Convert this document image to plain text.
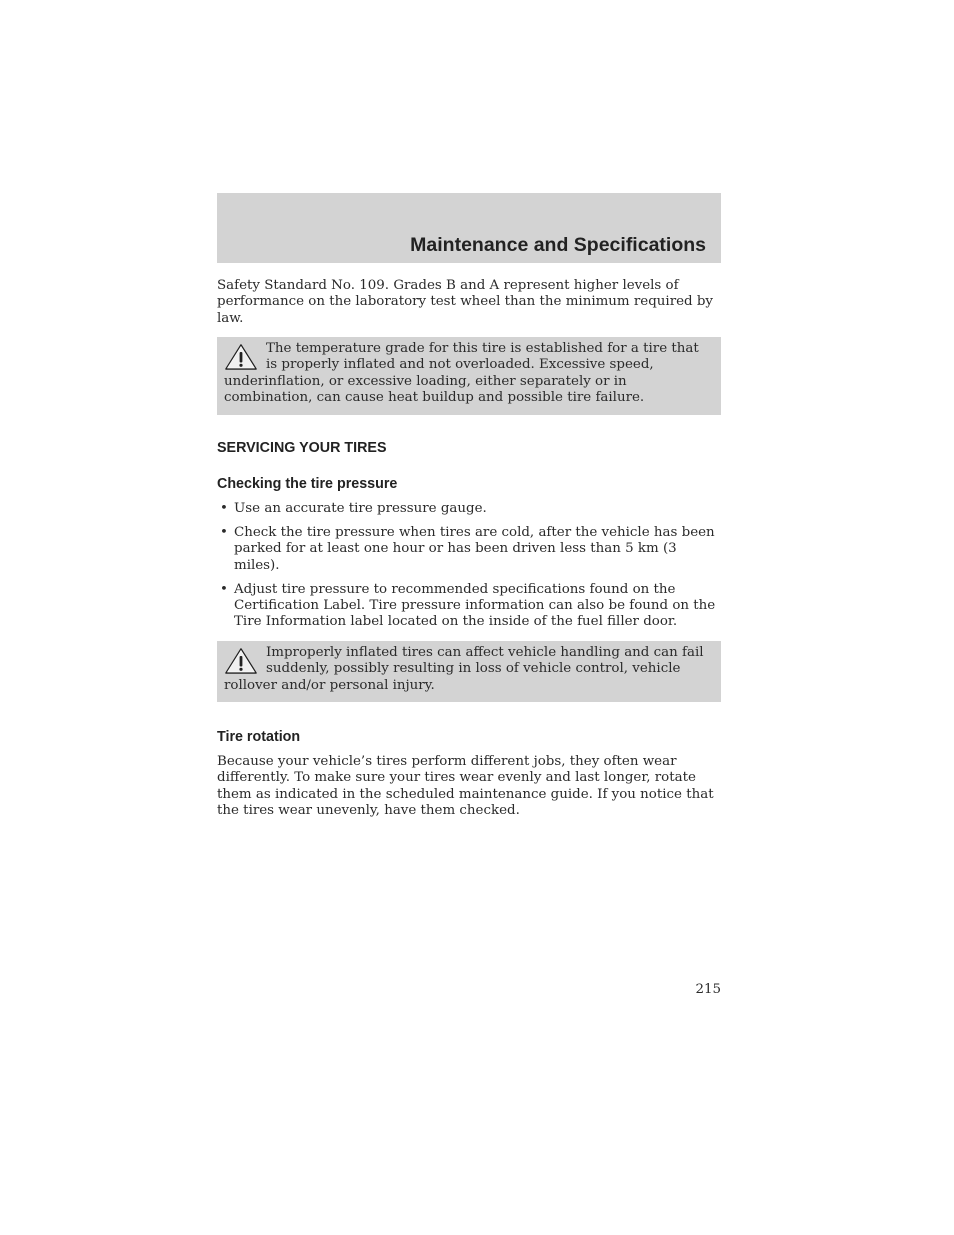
Maintenance and Specifications
Safety Standard No. 109. Grades B and A represent higher levels of performance on the laboratory test wheel than the minimum required by law.
The temperature grade for this tire is established for a tire that is properly inflated and not overloaded. Excessive speed, underinflation, or excessive loading, either separately or in combination, can cause heat buildup and possible tire failure.
SERVICING YOUR TIRES
Checking the tire pressure
• Use an accurate tire pressure gauge.
• Check the tire pressure when tires are cold, after the vehicle has been parked for at least one hour or has been driven less than 5 km (3 miles).
• Adjust tire pressure to recommended specifications found on the Certification Label. Tire pressure information can also be found on the Tire Information label located on the inside of the fuel filler door.
Improperly inflated tires can affect vehicle handling and can fail suddenly, possibly resulting in loss of vehicle control, vehicle rollover and/or personal injury.
Tire rotation
Because your vehicle’s tires perform different jobs, they often wear differently. To make sure your tires wear evenly and last longer, rotate them as indicated in the scheduled maintenance guide. If you notice that the tires wear unevenly, have them checked.
215
